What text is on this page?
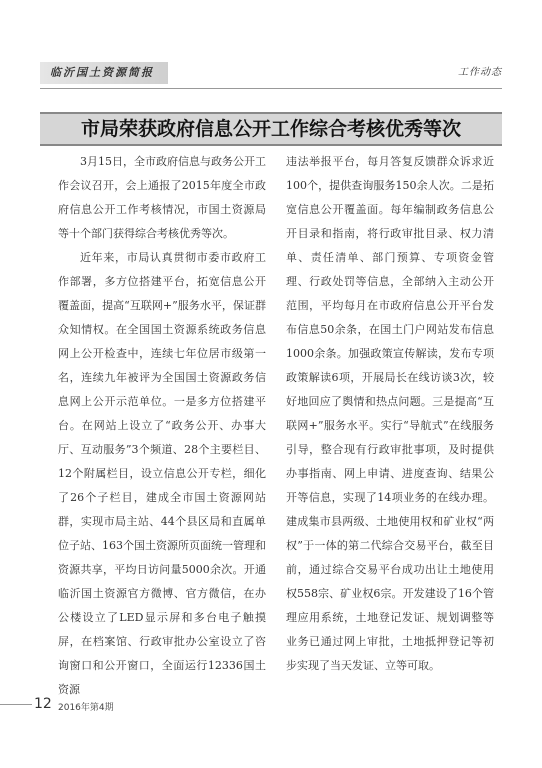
临沂国土资源简报	工作动态
市局荣获政府信息公开工作综合考核优秀等次

3月15日，全市政府信息与政务公开工作会议召开，会上通报了2015年度全市政府信息公开工作考核情况，市国土资源局等十个部门获得综合考核优秀等次。

近年来，市局认真贯彻市委市政府工作部署，多方位搭建平台，拓宽信息公开覆盖面，提高“互联网+”服务水平，保证群众知情权。在全国国土资源系统政务信息网上公开检查中，连续七年位居市级第一名，连续九年被评为全国国土资源政务信息网上公开示范单位。一是多方位搭建平台。在网站上设立了“政务公开、办事大厅、互动服务”3个频道、28个主要栏目、12个附属栏目，设立信息公开专栏，细化了26个子栏目，建成全市国土资源网站群，实现市局主站、44个县区局和直属单位子站、163个国土资源所页面统一管理和资源共享，平均日访问量5000余次。开通临沂国土资源官方微博、官方微信，在办公楼设立了LED显示屏和多台电子触摸屏，在档案馆、行政审批办公室设立了咨询窗口和公开窗口，全面运行12336国土资源

违法举报平台，每月答复反馈群众诉求近100个，提供查询服务150余人次。二是拓宽信息公开覆盖面。每年编制政务信息公开目录和指南，将行政审批目录、权力清单、责任清单、部门预算、专项资金管理、行政处罚等信息，全部纳入主动公开范围，平均每月在市政府信息公开平台发布信息50余条，在国土门户网站发布信息1000余条。加强政策宣传解读，发布专项政策解读6项，开展局长在线访谈3次，较好地回应了舆情和热点问题。三是提高“互联网+”服务水平。实行“导航式”在线服务引导，整合现有行政审批事项，及时提供办事指南、网上申请、进度查询、结果公开等信息，实现了14项业务的在线办理。建成集市县两级、土地使用权和矿业权“两权”于一体的第二代综合交易平台，截至目前，通过综合交易平台成功出让土地使用权558宗、矿业权6宗。开发建设了16个管理应用系统，土地登记发证、规划调整等业务已通过网上审批，土地抵押登记等初步实现了当天发证、立等可取。

12 2016年第4期
